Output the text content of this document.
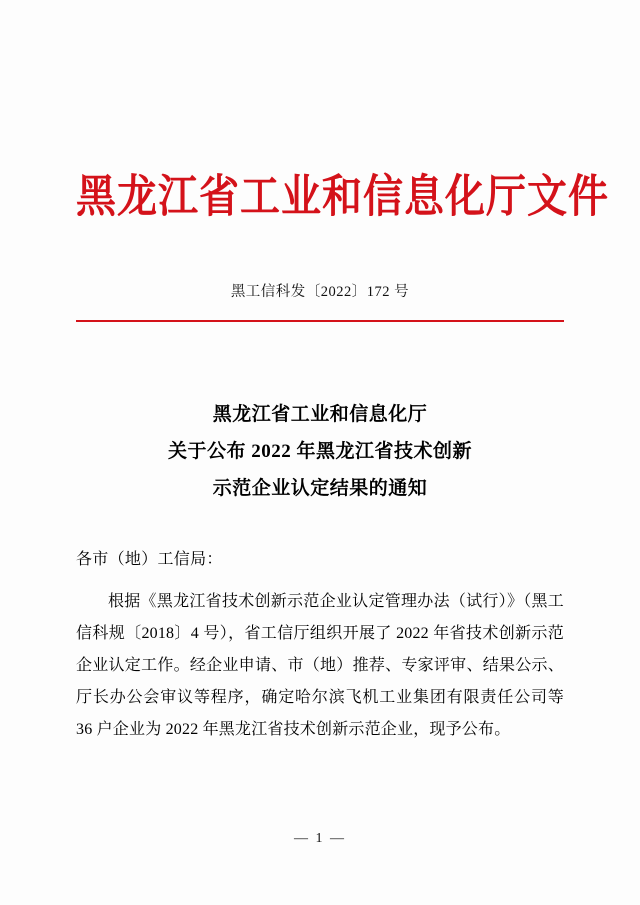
黑龙江省工业和信息化厅文件
黑工信科发〔2022〕172 号
黑龙江省工业和信息化厅
关于公布 2022 年黑龙江省技术创新
示范企业认定结果的通知
各市（地）工信局：
根据《黑龙江省技术创新示范企业认定管理办法（试行）》（黑工信科规〔2018〕4 号），省工信厅组织开展了 2022 年省技术创新示范企业认定工作。经企业申请、市（地）推荐、专家评审、结果公示、厅长办公会审议等程序，确定哈尔滨飞机工业集团有限责任公司等 36 户企业为 2022 年黑龙江省技术创新示范企业，现予公布。
— 1 —
